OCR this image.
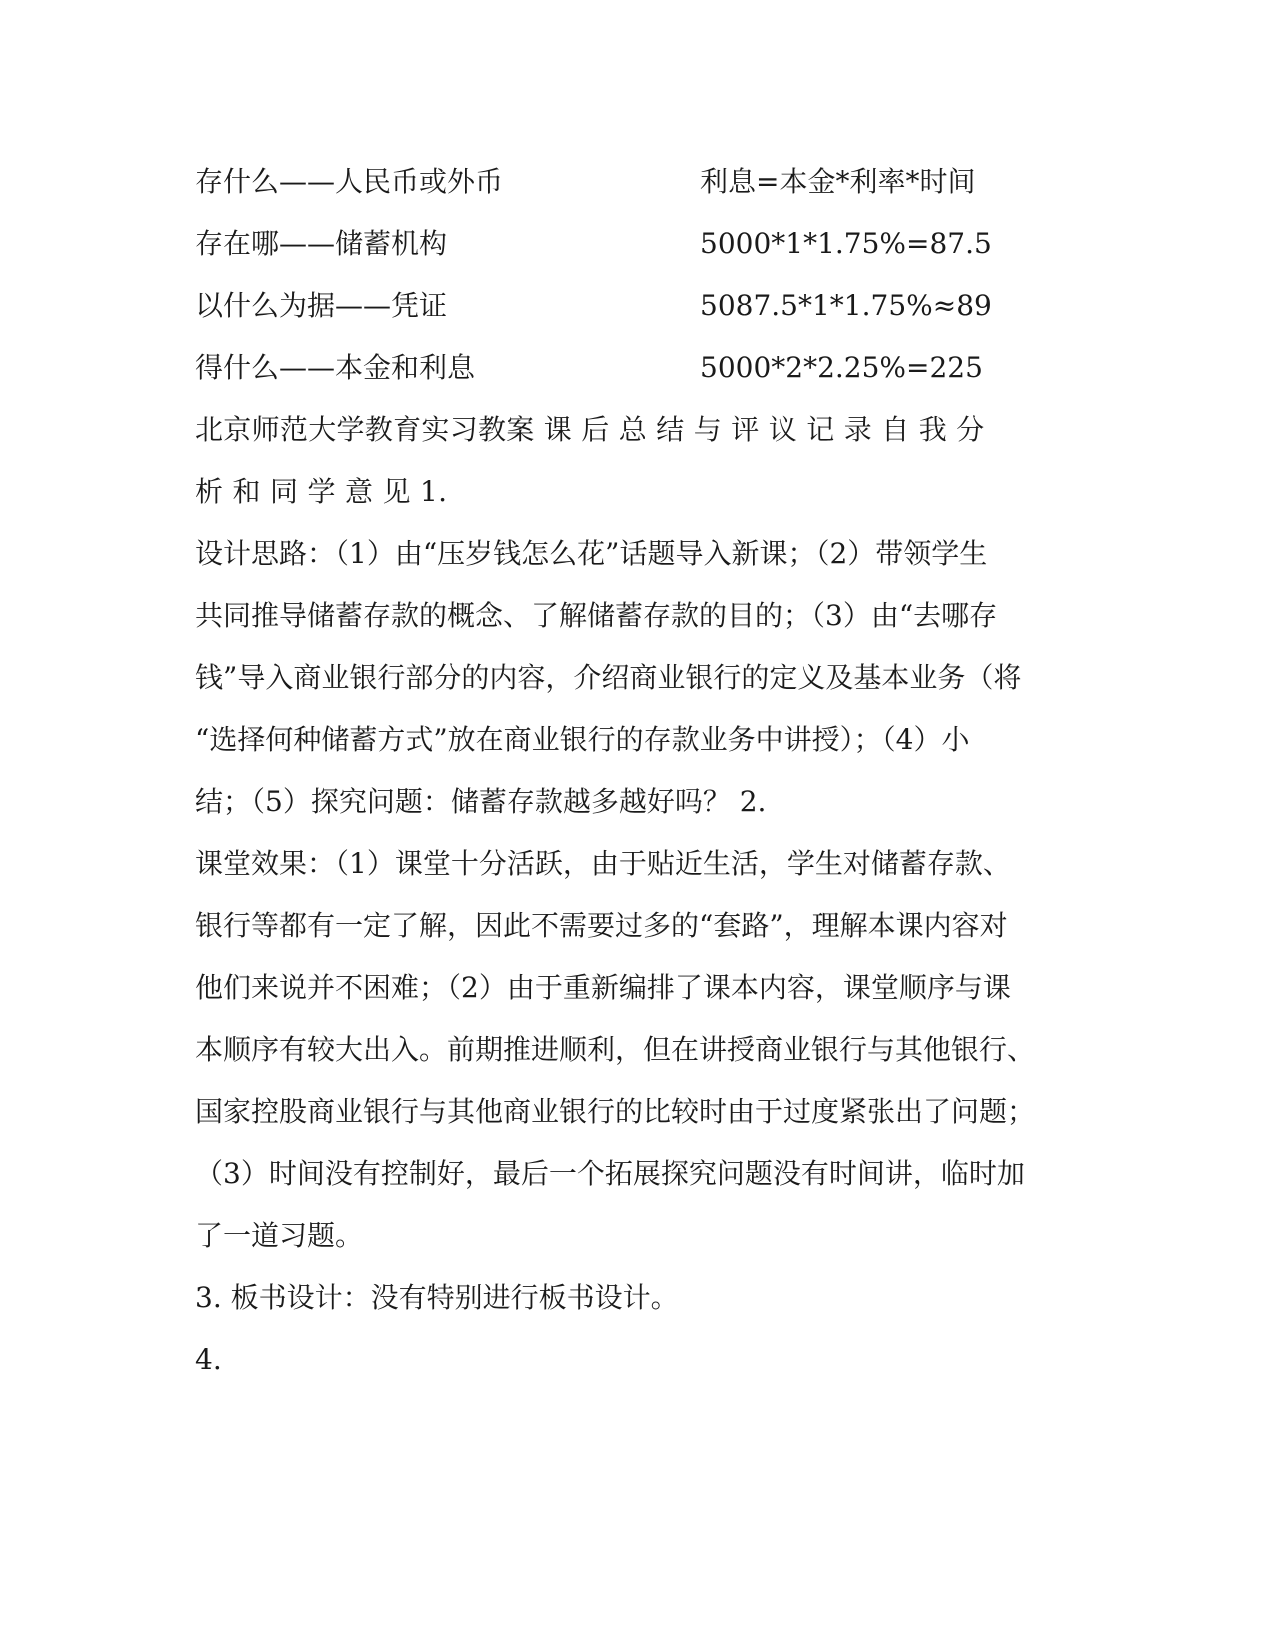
存什么——人民币或外币	利息=本金*利率*时间
存在哪——储蓄机构	5000*1*1.75%=87.5
以什么为据——凭证	5087.5*1*1.75%≈89
得什么——本金和利息	5000*2*2.25%=225
北京师范大学教育实习教案 课 后 总 结 与 评 议 记 录 自 我 分
析 和 同 学 意 见 1.
设计思路：（1）由“压岁钱怎么花”话题导入新课；（2）带领学生
共同推导储蓄存款的概念、了解储蓄存款的目的；（3）由“去哪存
钱”导入商业银行部分的内容，介绍商业银行的定义及基本业务（将
“选择何种储蓄方式”放在商业银行的存款业务中讲授）；（4）小
结；（5）探究问题：储蓄存款越多越好吗？ 2.
课堂效果：（1）课堂十分活跃，由于贴近生活，学生对储蓄存款、
银行等都有一定了解，因此不需要过多的“套路”，理解本课内容对
他们来说并不困难；（2）由于重新编排了课本内容，课堂顺序与课
本顺序有较大出入。前期推进顺利，但在讲授商业银行与其他银行、
国家控股商业银行与其他商业银行的比较时由于过度紧张出了问题；
（3）时间没有控制好，最后一个拓展探究问题没有时间讲，临时加
了一道习题。
3. 板书设计：没有特别进行板书设计。
4.
